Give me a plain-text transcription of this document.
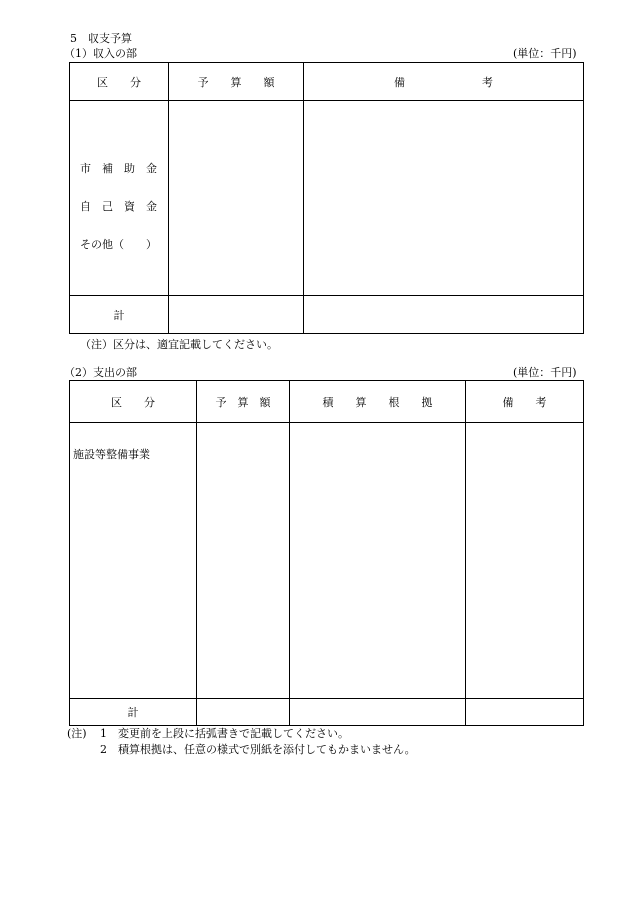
5　収支予算
（1）収入の部	(単位：千円)
区　　分	予　　算　　額	備　　　　　　　考

市　補　助　金
自　己　資　金
その他（　　）		

計		
（注）区分は、適宜記載してください。
（2）支出の部	(単位：千円)
区　　分	予　算　額	積　　算　　根　　拠	備　　考

施設等整備事業			

計			
(注) 1　変更前を上段に括弧書きで記載してください。
2　積算根拠は、任意の様式で別紙を添付してもかまいません。
